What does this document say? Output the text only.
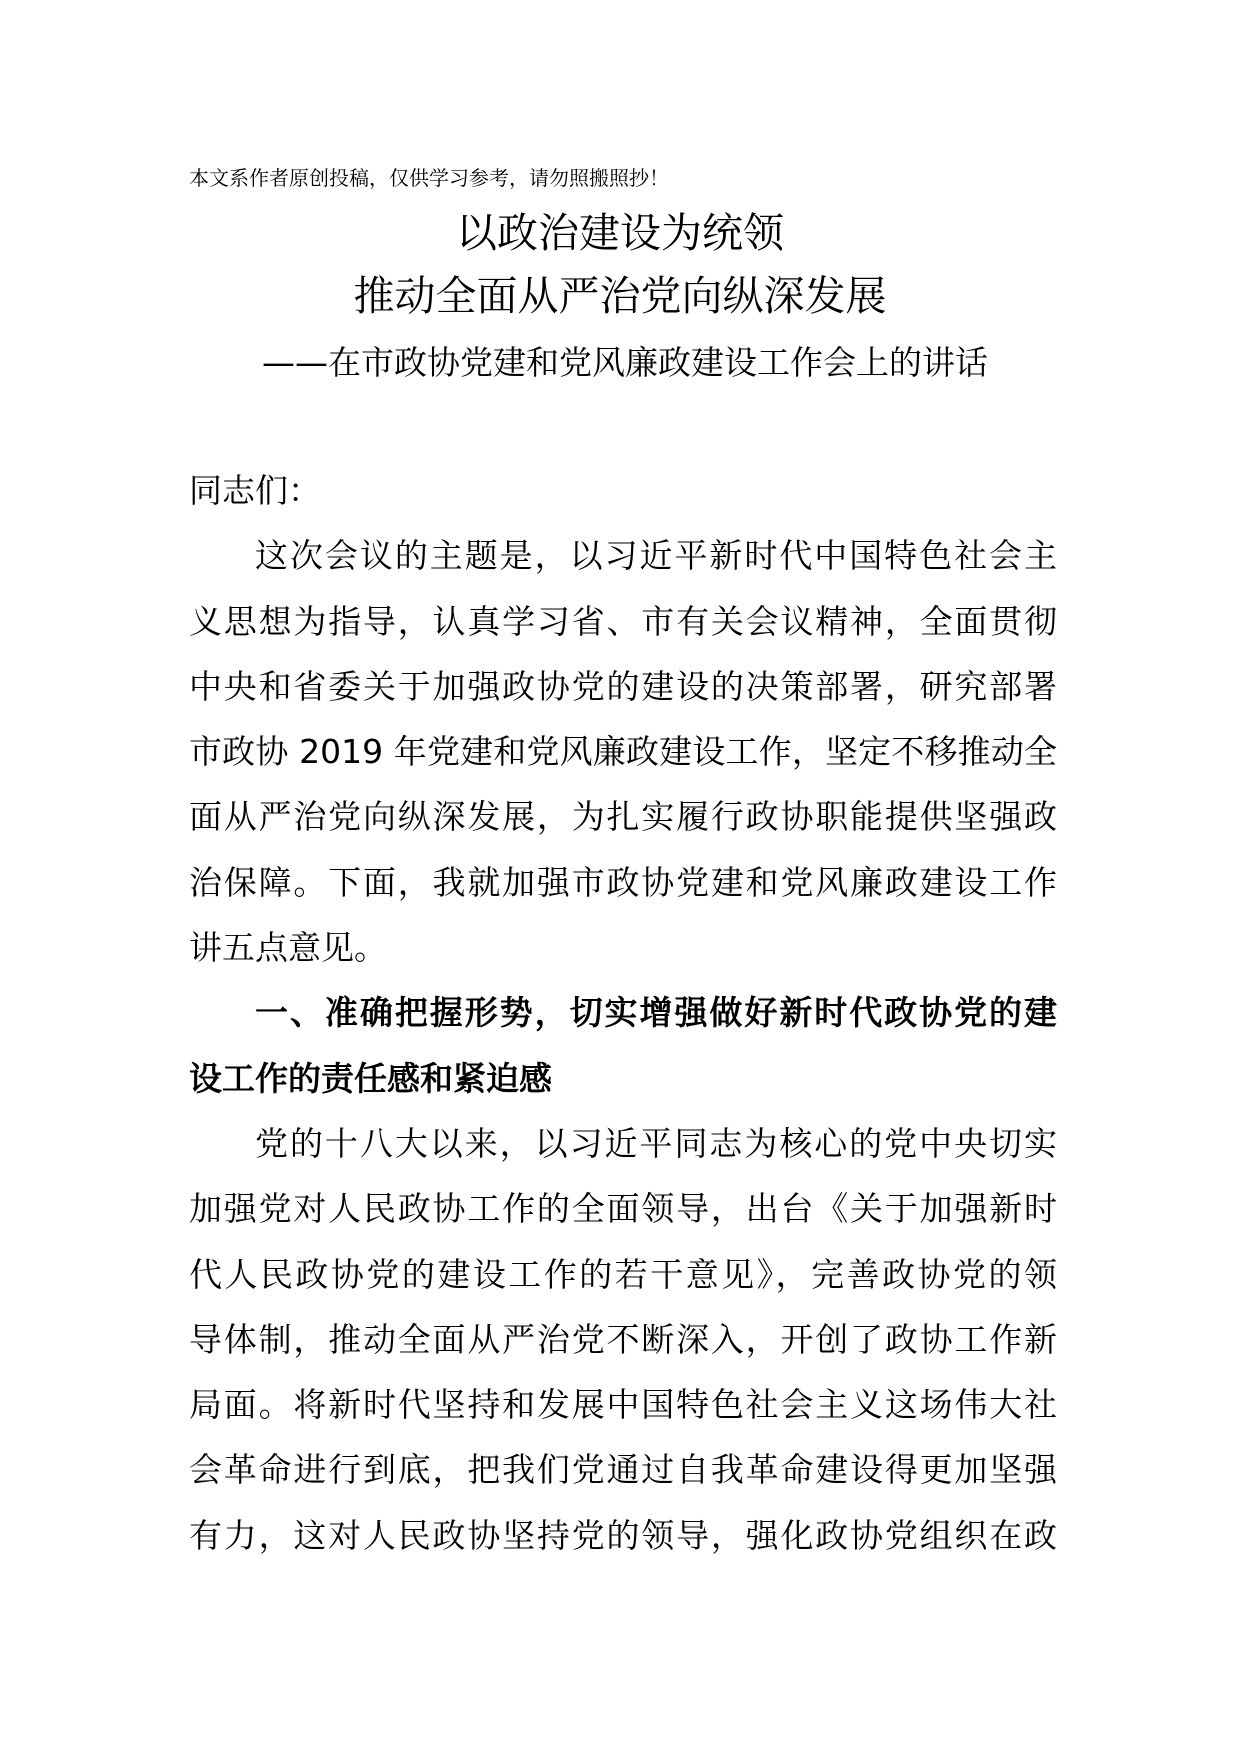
本文系作者原创投稿，仅供学习参考，请勿照搬照抄！
以政治建设为统领
推动全面从严治党向纵深发展
——在市政协党建和党风廉政建设工作会上的讲话
同志们：
这次会议的主题是，以习近平新时代中国特色社会主
义思想为指导，认真学习省、市有关会议精神，全面贯彻
中央和省委关于加强政协党的建设的决策部署，研究部署
市政协 2019 年党建和党风廉政建设工作，坚定不移推动全
面从严治党向纵深发展，为扎实履行政协职能提供坚强政
治保障。下面，我就加强市政协党建和党风廉政建设工作
讲五点意见。
一、准确把握形势，切实增强做好新时代政协党的建
设工作的责任感和紧迫感
党的十八大以来，以习近平同志为核心的党中央切实
加强党对人民政协工作的全面领导，出台《关于加强新时
代人民政协党的建设工作的若干意见》，完善政协党的领
导体制，推动全面从严治党不断深入，开创了政协工作新
局面。将新时代坚持和发展中国特色社会主义这场伟大社
会革命进行到底，把我们党通过自我革命建设得更加坚强
有力，这对人民政协坚持党的领导，强化政协党组织在政
